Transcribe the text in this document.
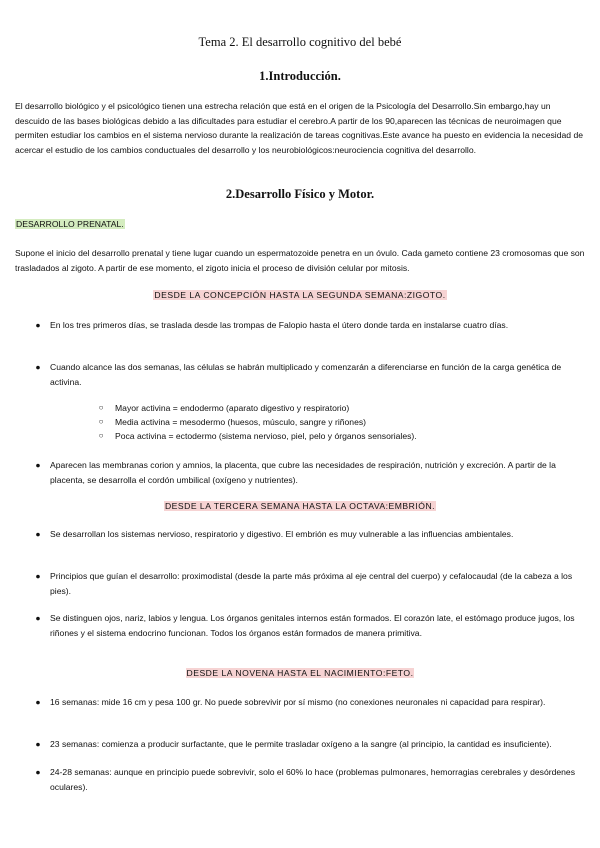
Tema 2. El desarrollo cognitivo del bebé
1.Introducción.

El desarrollo biológico y el psicológico tienen una estrecha relación que está en el origen de la Psicología del Desarrollo.Sin embargo,hay un descuido de las bases biológicas debido a las dificultades para estudiar el cerebro.A partir de los 90,aparecen las técnicas de neuroimagen que permiten estudiar los cambios en el sistema nervioso durante la realización de tareas cognitivas.Este avance ha puesto en evidencia la necesidad de acercar el estudio de los cambios conductuales del desarrollo y los neurobiológicos:neurociencia cognitiva del desarrollo.

2.Desarrollo Físico y Motor.
DESARROLLO PRENATAL.

Supone el inicio del desarrollo prenatal y tiene lugar cuando un espermatozoide penetra en un óvulo. Cada gameto contiene 23 cromosomas que son trasladados al zigoto. A partir de ese momento, el zigoto inicia el proceso de división celular por mitosis.

DESDE LA CONCEPCIÓN HASTA LA SEGUNDA SEMANA:ZIGOTO.
● En los tres primeros días, se traslada desde las trompas de Falopio hasta el útero donde tarda en instalarse cuatro días.
● Cuando alcance las dos semanas, las células se habrán multiplicado y comenzarán a diferenciarse en función de la carga genética de activina.
○ Mayor activina = endodermo (aparato digestivo y respiratorio)
○ Media activina = mesodermo (huesos, músculo, sangre y riñones)
○ Poca activina = ectodermo (sistema nervioso, piel, pelo y órganos sensoriales).
● Aparecen las membranas corion y amnios, la placenta, que cubre las necesidades de respiración, nutrición y excreción. A partir de la placenta, se desarrolla el cordón umbilical (oxígeno y nutrientes).
DESDE LA TERCERA SEMANA HASTA LA OCTAVA:EMBRIÓN.
● Se desarrollan los sistemas nervioso, respiratorio y digestivo. El embrión es muy vulnerable a las influencias ambientales.
● Principios que guían el desarrollo: proximodistal (desde la parte más próxima al eje central del cuerpo) y cefalocaudal (de la cabeza a los pies).
● Se distinguen ojos, nariz, labios y lengua. Los órganos genitales internos están formados. El corazón late, el estómago produce jugos, los riñones y el sistema endocrino funcionan. Todos los órganos están formados de manera primitiva.
DESDE LA NOVENA HASTA EL NACIMIENTO:FETO.
● 16 semanas: mide 16 cm y pesa 100 gr. No puede sobrevivir por sí mismo (no conexiones neuronales ni capacidad para respirar).
● 23 semanas: comienza a producir surfactante, que le permite trasladar oxígeno a la sangre (al principio, la cantidad es insuficiente).
● 24-28 semanas: aunque en principio puede sobrevivir, solo el 60% lo hace (problemas pulmonares, hemorragias cerebrales y desórdenes oculares).
